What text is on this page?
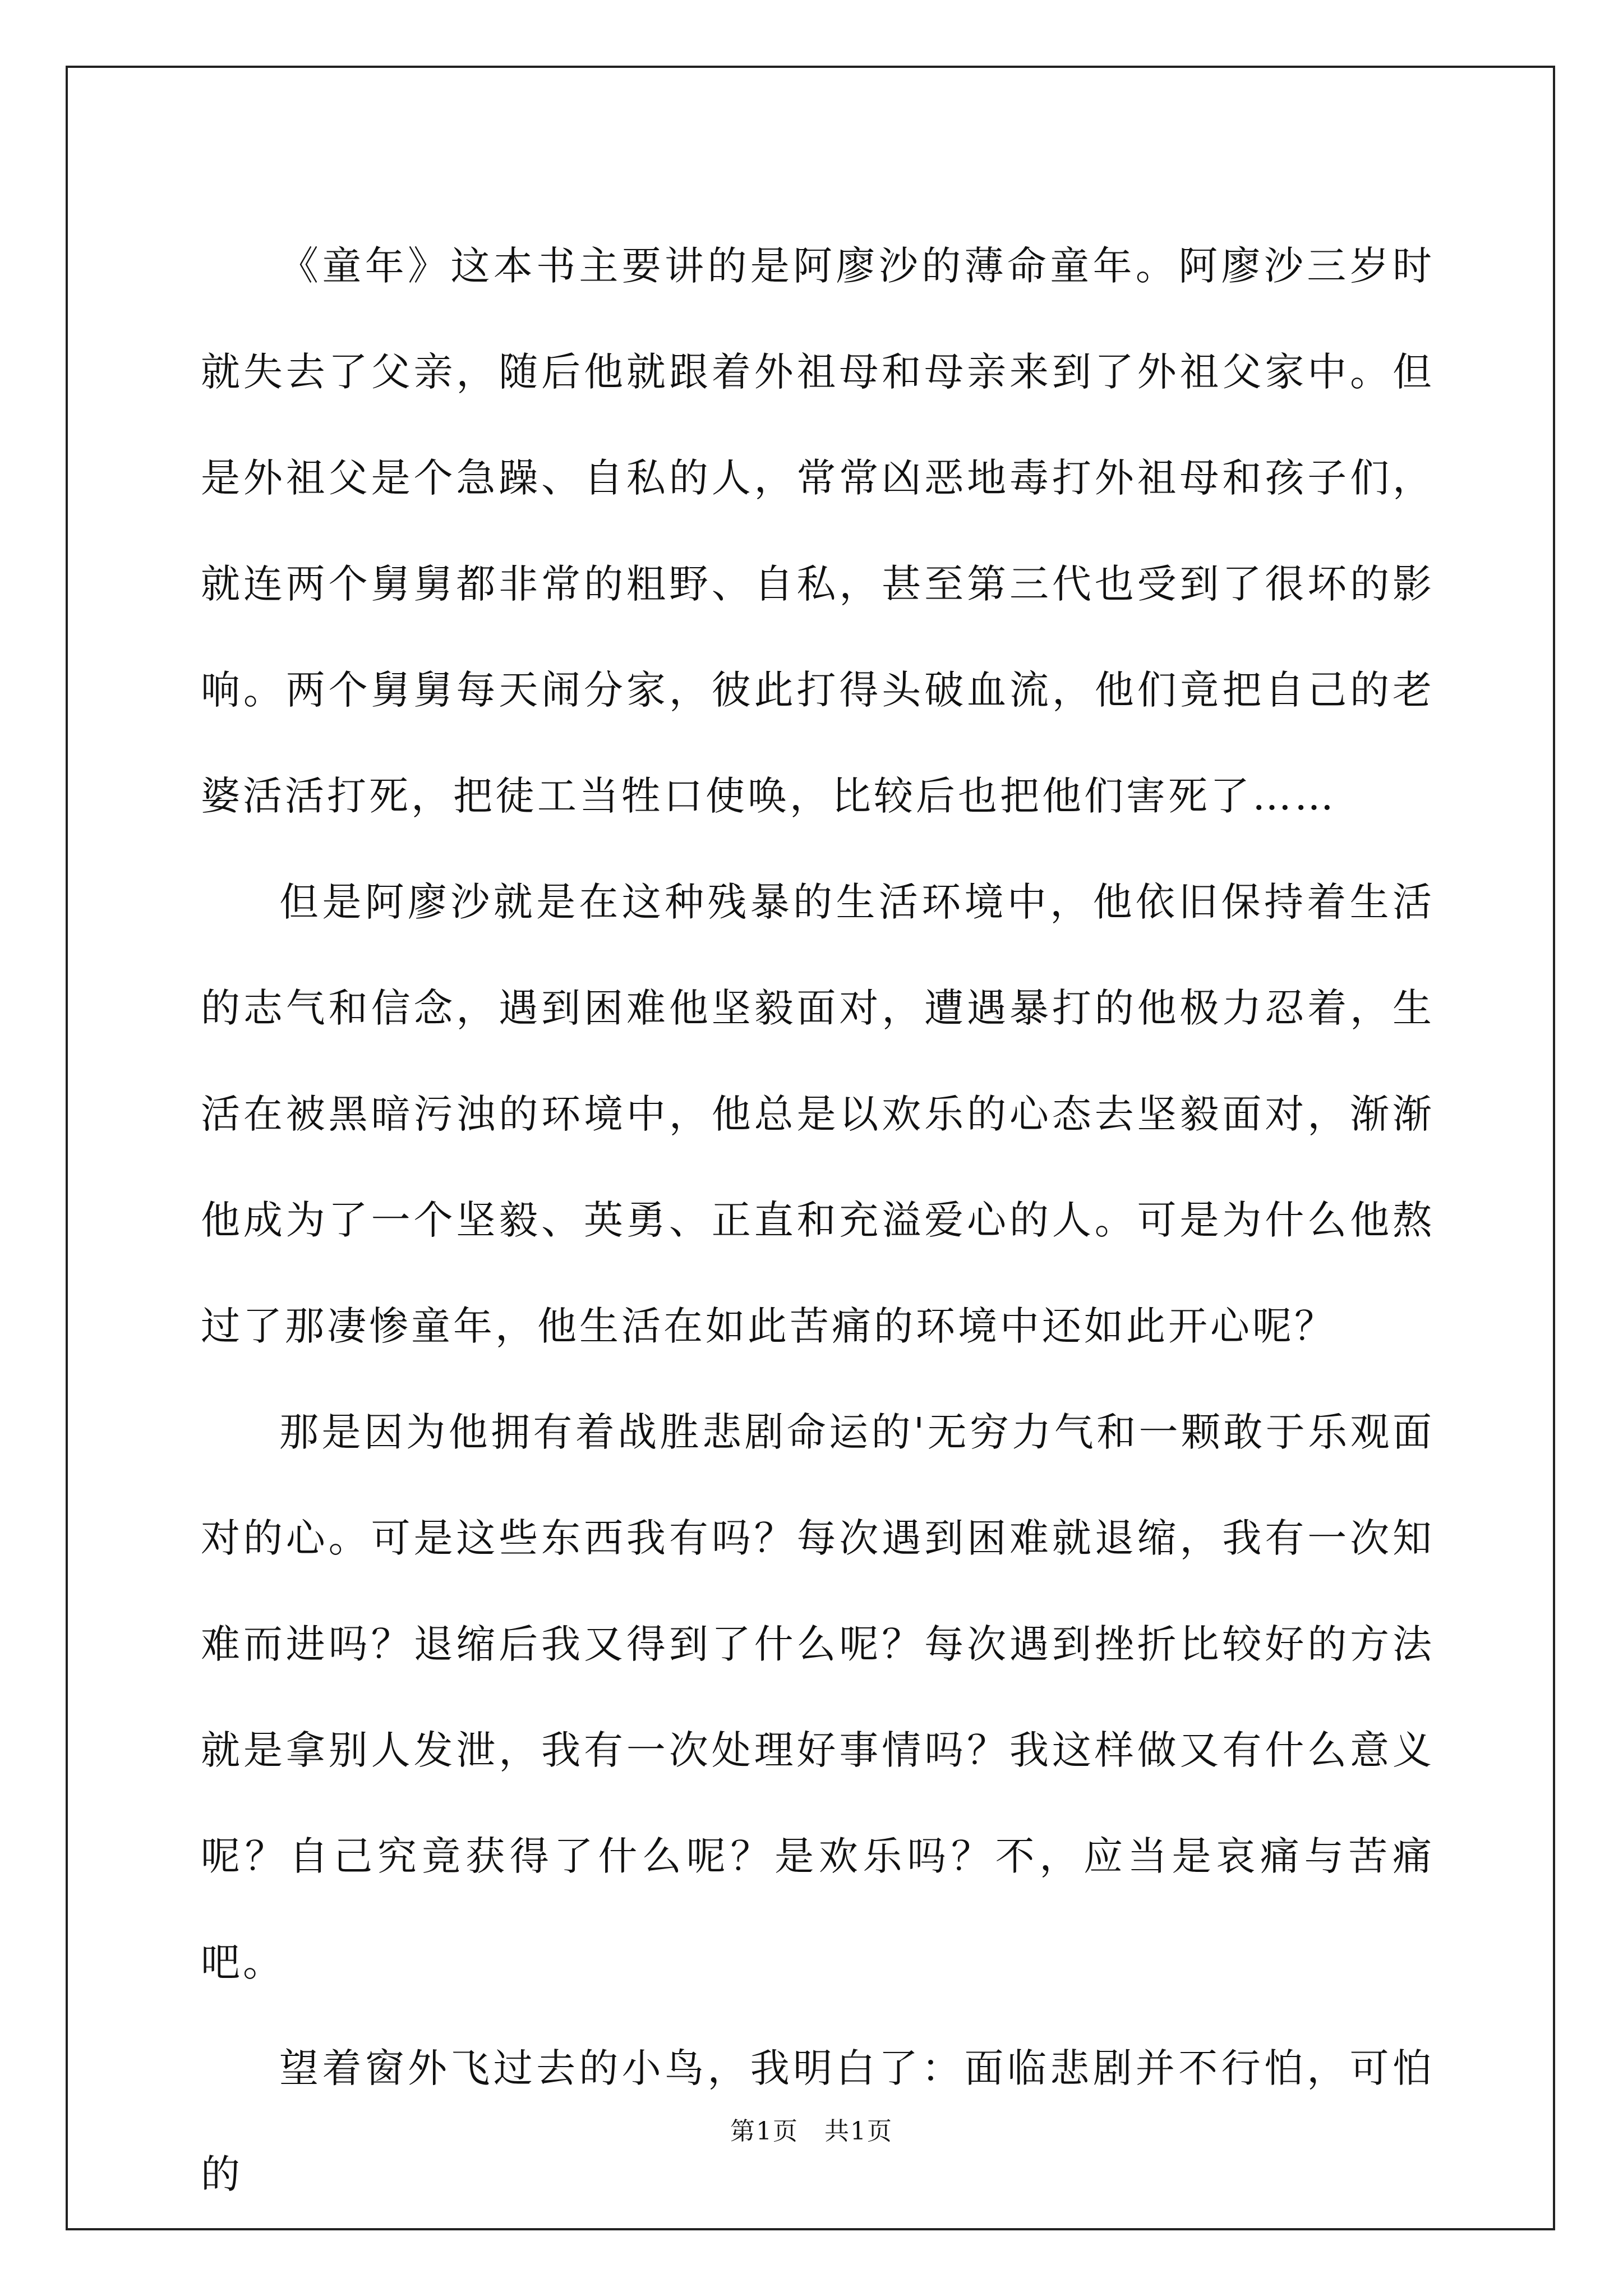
《童年》这本书主要讲的是阿廖沙的薄命童年。阿廖沙三岁时就失去了父亲，随后他就跟着外祖母和母亲来到了外祖父家中。但是外祖父是个急躁、自私的人，常常凶恶地毒打外祖母和孩子们，就连两个舅舅都非常的粗野、自私，甚至第三代也受到了很坏的影响。两个舅舅每天闹分家，彼此打得头破血流，他们竟把自己的老婆活活打死，把徒工当牲口使唤，比较后也把他们害死了……

但是阿廖沙就是在这种残暴的生活环境中，他依旧保持着生活的志气和信念，遇到困难他坚毅面对，遭遇暴打的他极力忍着，生活在被黑暗污浊的环境中，他总是以欢乐的心态去坚毅面对，渐渐他成为了一个坚毅、英勇、正直和充溢爱心的人。可是为什么他熬过了那凄惨童年，他生活在如此苦痛的环境中还如此开心呢？

那是因为他拥有着战胜悲剧命运的'无穷力气和一颗敢于乐观面对的心。可是这些东西我有吗？每次遇到困难就退缩，我有一次知难而进吗？退缩后我又得到了什么呢？每次遇到挫折比较好的方法就是拿别人发泄，我有一次处理好事情吗？我这样做又有什么意义呢？自己究竟获得了什么呢？是欢乐吗？不，应当是哀痛与苦痛吧。

望着窗外飞过去的小鸟，我明白了：面临悲剧并不行怕，可怕的

第1页 共1页
